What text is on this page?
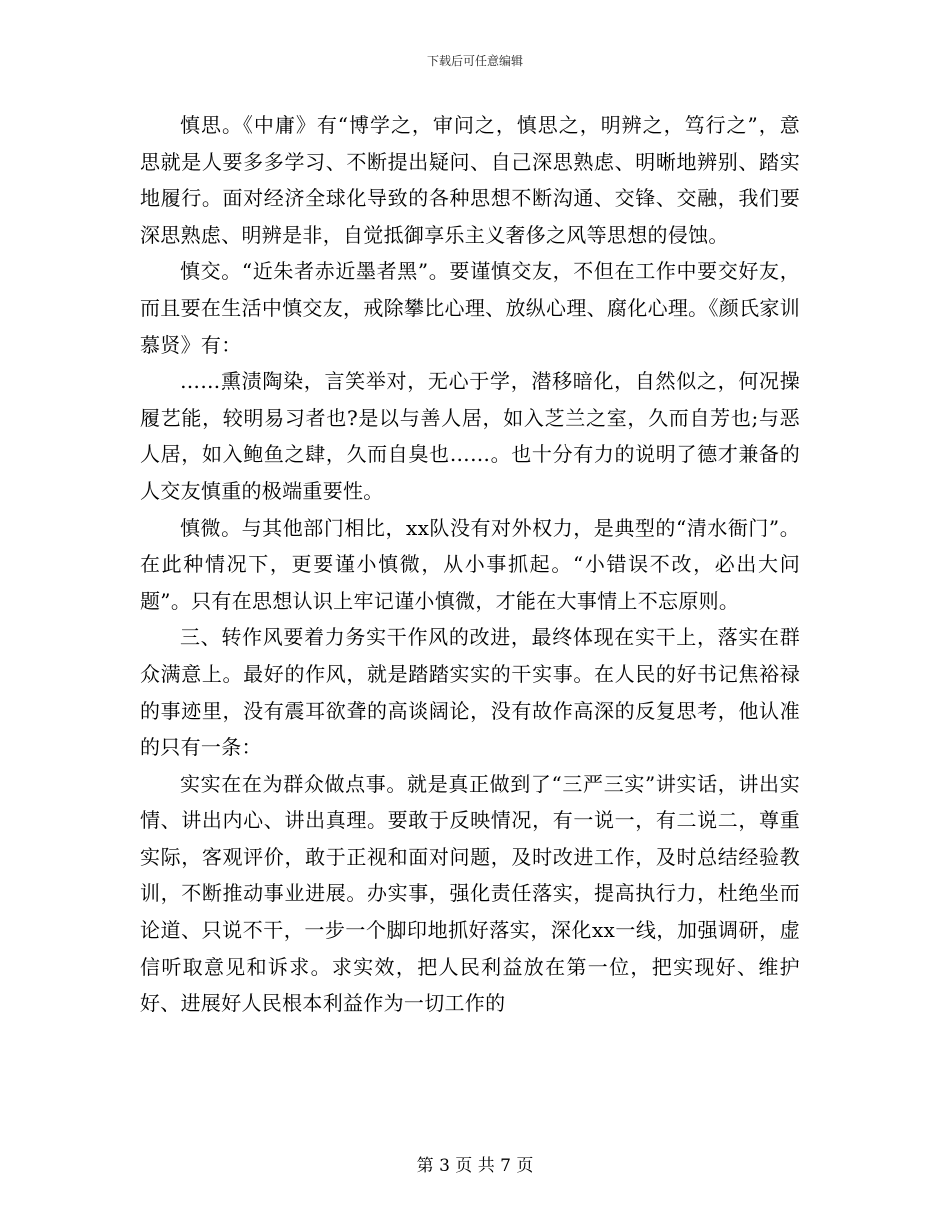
下载后可任意编辑

慎思。《中庸》有“博学之，审问之，慎思之，明辨之，笃行之”，意思就是人要多多学习、不断提出疑问、自己深思熟虑、明晰地辨别、踏实地履行。面对经济全球化导致的各种思想不断沟通、交锋、交融，我们要深思熟虑、明辨是非，自觉抵御享乐主义奢侈之风等思想的侵蚀。

慎交。“近朱者赤近墨者黑”。要谨慎交友，不但在工作中要交好友，而且要在生活中慎交友，戒除攀比心理、放纵心理、腐化心理。《颜氏家训慕贤》有：

……熏渍陶染，言笑举对，无心于学，潜移暗化，自然似之，何况操履艺能，较明易习者也?是以与善人居，如入芝兰之室，久而自芳也;与恶人居，如入鲍鱼之肆，久而自臭也……。也十分有力的说明了德才兼备的人交友慎重的极端重要性。

慎微。与其他部门相比，xx队没有对外权力，是典型的“清水衙门”。在此种情况下，更要谨小慎微，从小事抓起。“小错误不改，必出大问题”。只有在思想认识上牢记谨小慎微，才能在大事情上不忘原则。

三、转作风要着力务实干作风的改进，最终体现在实干上，落实在群众满意上。最好的作风，就是踏踏实实的干实事。在人民的好书记焦裕禄的事迹里，没有震耳欲聋的高谈阔论，没有故作高深的反复思考，他认准的只有一条：

实实在在为群众做点事。就是真正做到了“三严三实”讲实话，讲出实情、讲出内心、讲出真理。要敢于反映情况，有一说一，有二说二，尊重实际，客观评价，敢于正视和面对问题，及时改进工作，及时总结经验教训，不断推动事业进展。办实事，强化责任落实，提高执行力，杜绝坐而论道、只说不干，一步一个脚印地抓好落实，深化xx一线，加强调研，虚信听取意见和诉求。求实效，把人民利益放在第一位，把实现好、维护好、进展好人民根本利益作为一切工作的

第 3 页 共 7 页
